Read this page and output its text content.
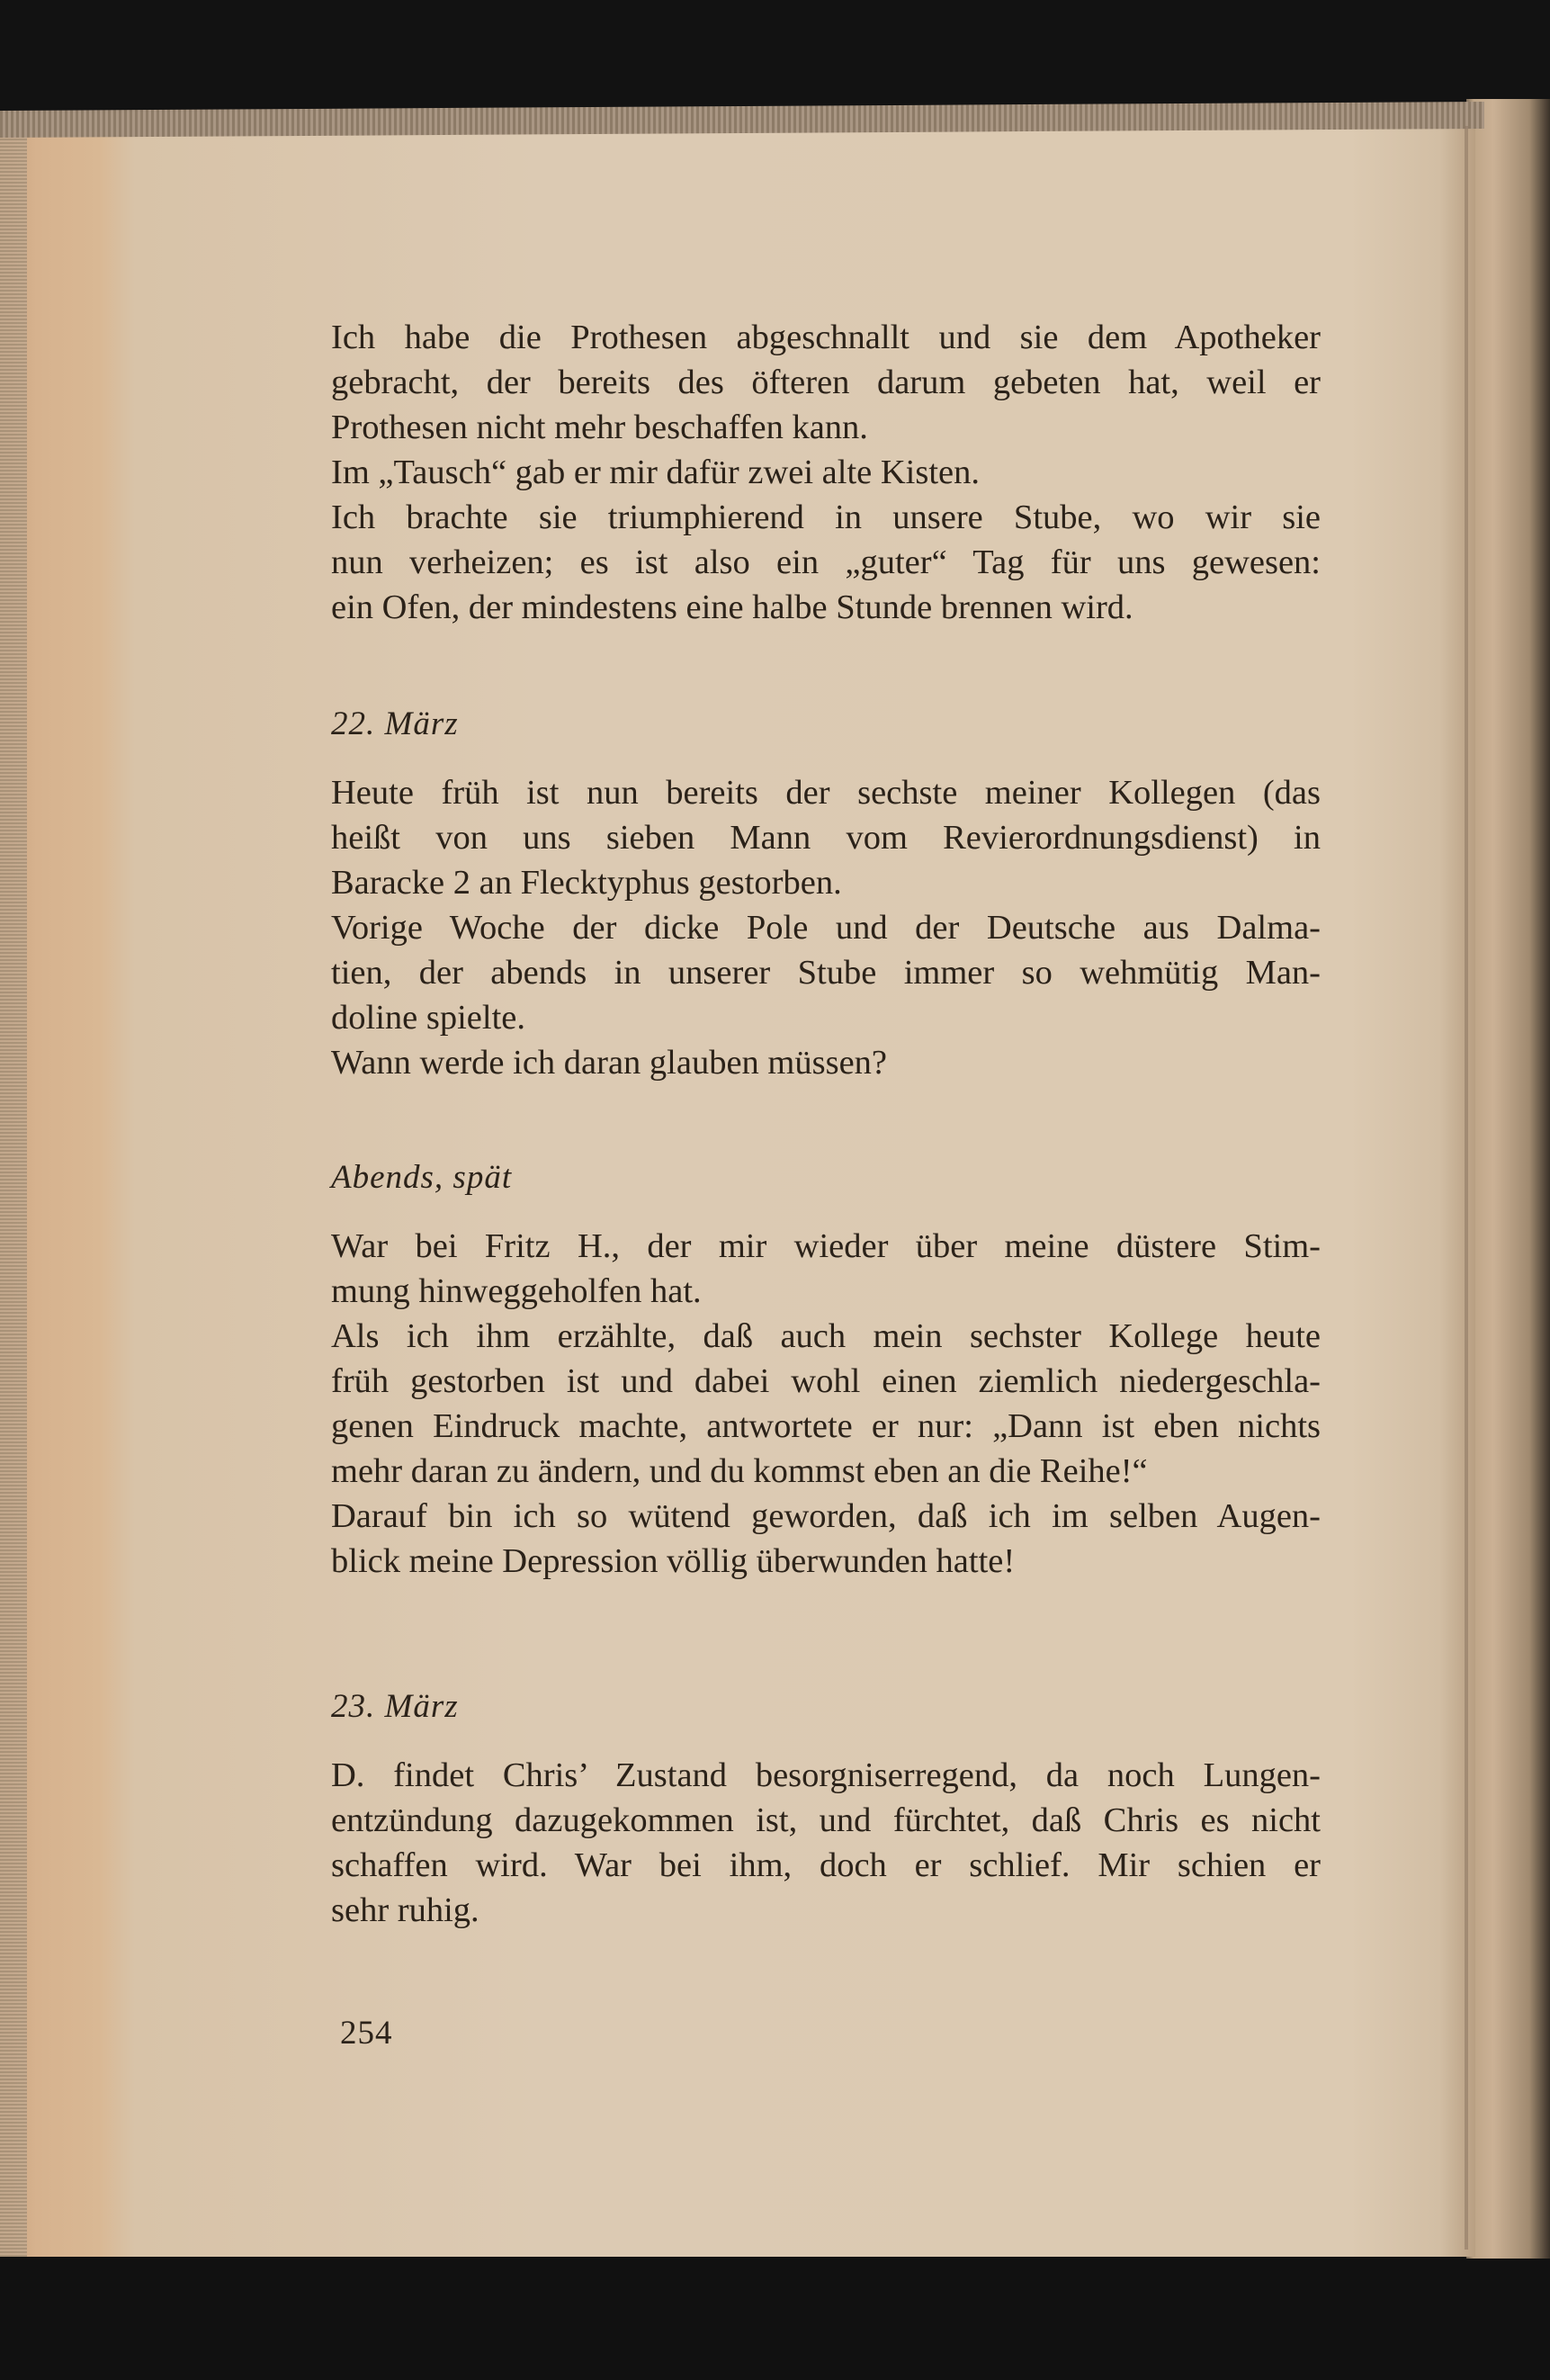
Ich habe die Prothesen abgeschnallt und sie dem Apotheker
gebracht, der bereits des öfteren darum gebeten hat, weil er
Prothesen nicht mehr beschaffen kann.
Im „Tausch“ gab er mir dafür zwei alte Kisten.
Ich brachte sie triumphierend in unsere Stube, wo wir sie
nun verheizen; es ist also ein „guter“ Tag für uns gewesen:
ein Ofen, der mindestens eine halbe Stunde brennen wird.
22. März
Heute früh ist nun bereits der sechste meiner Kollegen (das
heißt von uns sieben Mann vom Revierordnungsdienst) in
Baracke 2 an Flecktyphus gestorben.
Vorige Woche der dicke Pole und der Deutsche aus Dalma-
tien, der abends in unserer Stube immer so wehmütig Man-
doline spielte.
Wann werde ich daran glauben müssen?
Abends, spät
War bei Fritz H., der mir wieder über meine düstere Stim-
mung hinweggeholfen hat.
Als ich ihm erzählte, daß auch mein sechster Kollege heute
früh gestorben ist und dabei wohl einen ziemlich niedergeschla-
genen Eindruck machte, antwortete er nur: „Dann ist eben nichts
mehr daran zu ändern, und du kommst eben an die Reihe!“
Darauf bin ich so wütend geworden, daß ich im selben Augen-
blick meine Depression völlig überwunden hatte!
23. März
D. findet Chris’ Zustand besorgniserregend, da noch Lungen-
entzündung dazugekommen ist, und fürchtet, daß Chris es nicht
schaffen wird. War bei ihm, doch er schlief. Mir schien er
sehr ruhig.
254
